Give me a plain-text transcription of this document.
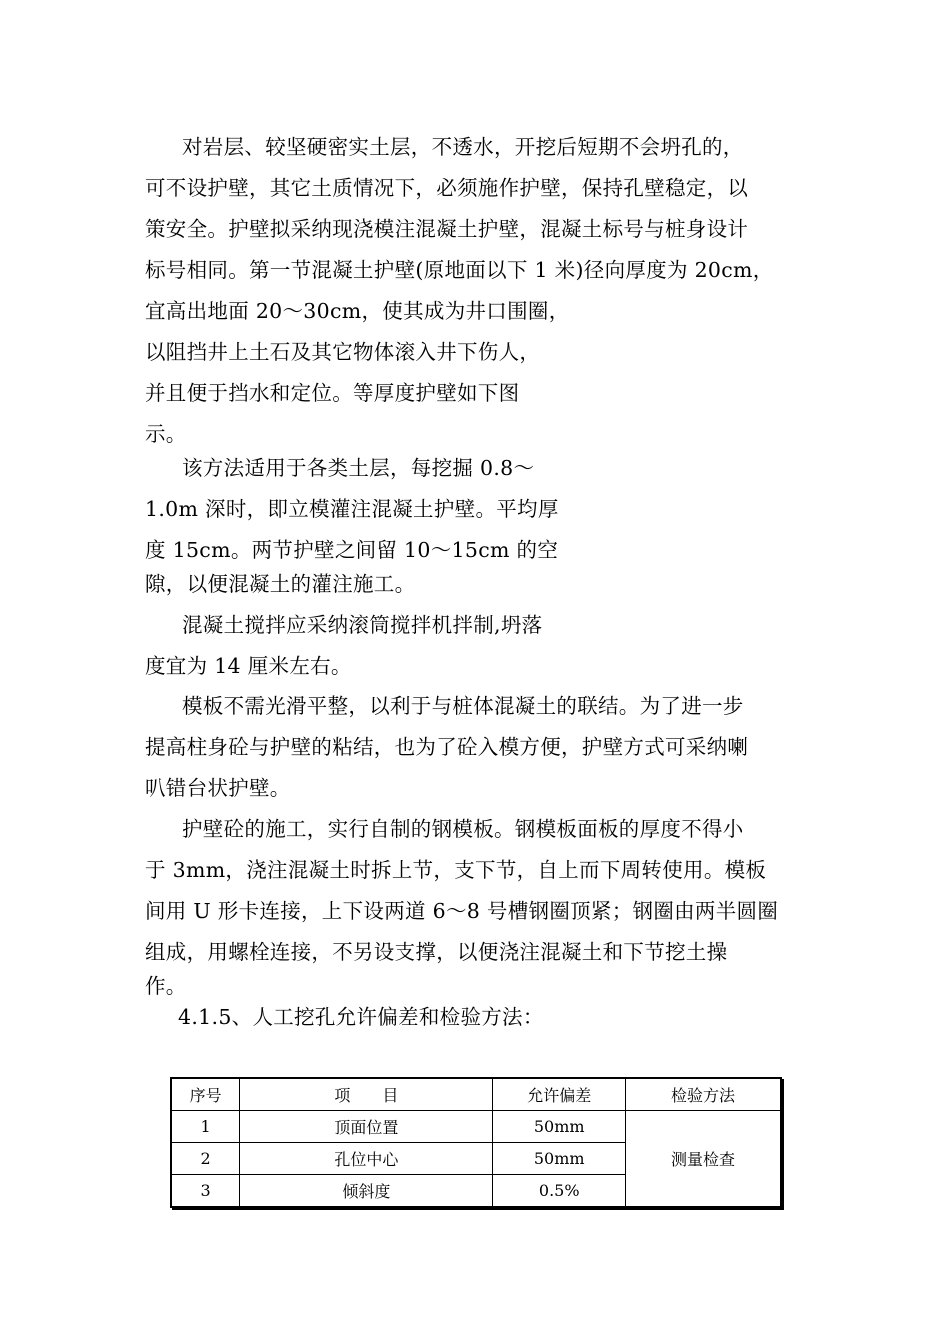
对岩层、较坚硬密实土层，不透水，开挖后短期不会坍孔的，
可不设护壁，其它土质情况下，必须施作护壁，保持孔壁稳定，以
策安全。护壁拟采纳现浇模注混凝土护壁，混凝土标号与桩身设计
标号相同。第一节混凝土护壁(原地面以下 1 米)径向厚度为 20cm，
宜高出地面 20～30cm，使其成为井口围圈，
以阻挡井上土石及其它物体滚入井下伤人，
并且便于挡水和定位。等厚度护壁如下图
示。
该方法适用于各类土层，每挖掘 0.8～
1.0m 深时，即立模灌注混凝土护壁。平均厚
度 15cm。两节护壁之间留 10～15cm 的空
隙，以便混凝土的灌注施工。
混凝土搅拌应采纳滚筒搅拌机拌制,坍落
度宜为 14 厘米左右。
模板不需光滑平整，以利于与桩体混凝土的联结。为了进一步
提高柱身砼与护壁的粘结，也为了砼入模方便，护壁方式可采纳喇
叭错台状护壁。
护壁砼的施工，实行自制的钢模板。钢模板面板的厚度不得小
于 3mm，浇注混凝土时拆上节，支下节，自上而下周转使用。模板
间用 U 形卡连接，上下设两道 6～8 号槽钢圈顶紧；钢圈由两半圆圈
组成，用螺栓连接，不另设支撑，以便浇注混凝土和下节挖土操
作。
4.1.5、人工挖孔允许偏差和检验方法：
序号	项　　目	允许偏差	检验方法
1	顶面位置	50mm	测量检查
2	孔位中心	50mm	
3	倾斜度	0.5%	
